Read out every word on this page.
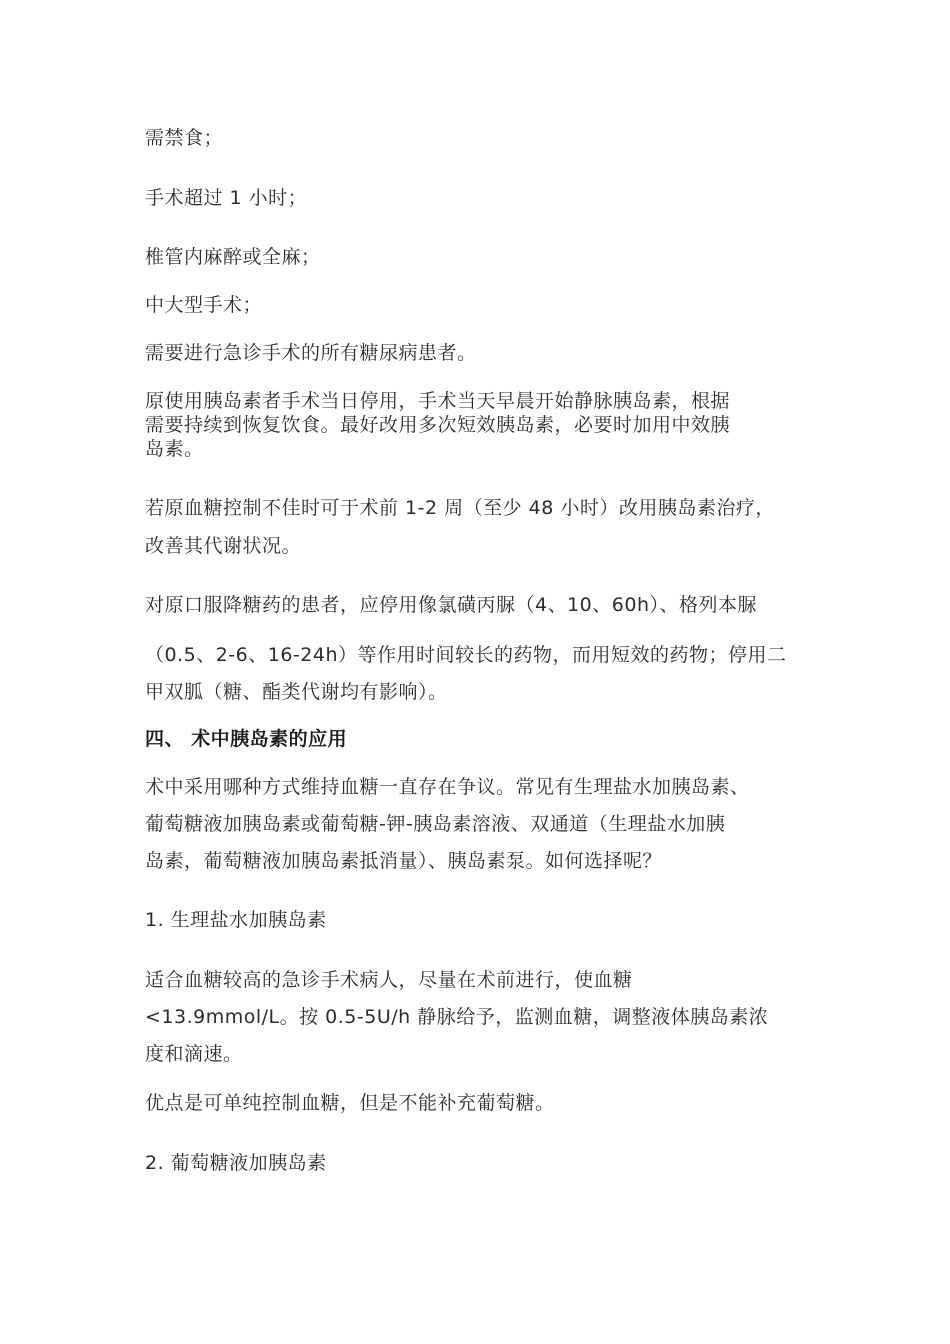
需禁食；
手术超过 1 小时；
椎管内麻醉或全麻；
中大型手术；
需要进行急诊手术的所有糖尿病患者。
原使用胰岛素者手术当日停用，手术当天早晨开始静脉胰岛素，根据
需要持续到恢复饮食。最好改用多次短效胰岛素，必要时加用中效胰
岛素。
若原血糖控制不佳时可于术前 1-2 周（至少 48 小时）改用胰岛素治疗，
改善其代谢状况。
对原口服降糖药的患者，应停用像氯磺丙脲（4、10、60h）、格列本脲
（0.5、2-6、16-24h）等作用时间较长的药物，而用短效的药物；停用二
甲双胍（糖、酯类代谢均有影响）。
四、 术中胰岛素的应用
术中采用哪种方式维持血糖一直存在争议。常见有生理盐水加胰岛素、
葡萄糖液加胰岛素或葡萄糖-钾-胰岛素溶液、双通道（生理盐水加胰
岛素，葡萄糖液加胰岛素抵消量）、胰岛素泵。如何选择呢？
1. 生理盐水加胰岛素
适合血糖较高的急诊手术病人，尽量在术前进行，使血糖
<13.9mmol/L。按 0.5-5U/h 静脉给予，监测血糖，调整液体胰岛素浓
度和滴速。
优点是可单纯控制血糖，但是不能补充葡萄糖。
2. 葡萄糖液加胰岛素
